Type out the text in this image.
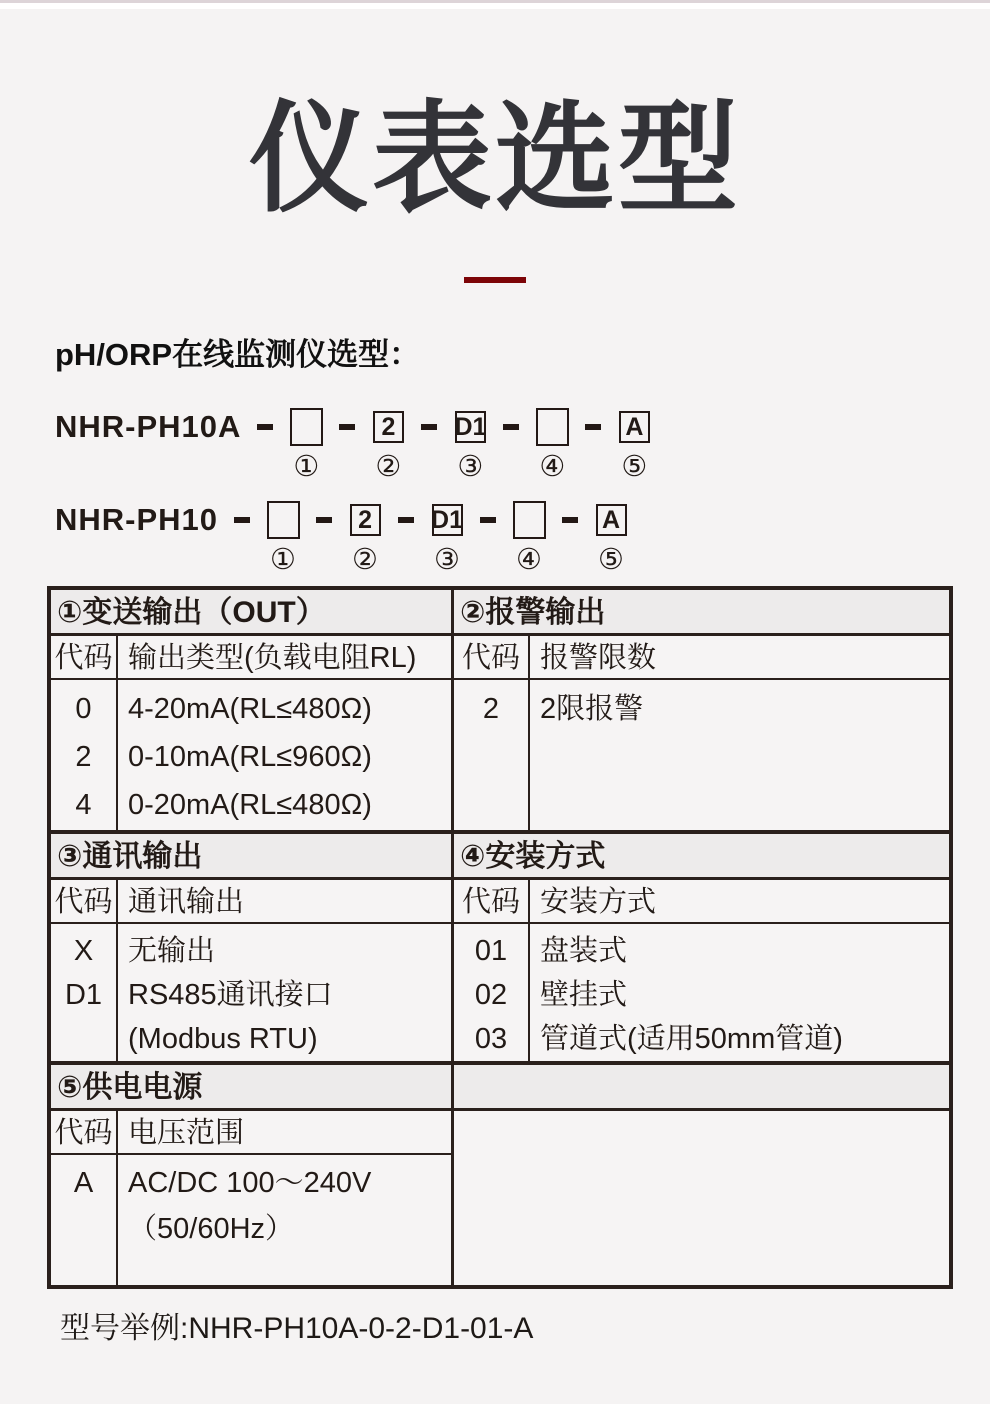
仪表选型
pH/ORP在线监测仪选型：
NHR-PH10A
①
2
②
D1
③ ④
A
⑤
NHR-PH10
①
2
②
D1
③ ④
A
⑤
①变送输出（OUT）
代码
0
2
4
输出类型(负载电阻RL)
4-20mA(RL≤480Ω)
0-10mA(RL≤960Ω)
0-20mA(RL≤480Ω)
②报警输出
代码
2
报警限数
2限报警
③通讯输出
代码
X
D1
通讯输出
无输出
RS485通讯接口
(Modbus RTU)
④安装方式
代码
01
02
03
安装方式
盘装式
壁挂式
管道式(适用50mm管道)
⑤供电电源
代码
A
电压范围
AC/DC 100～240V
（50/60Hz）
型号举例:NHR-PH10A-0-2-D1-01-A
